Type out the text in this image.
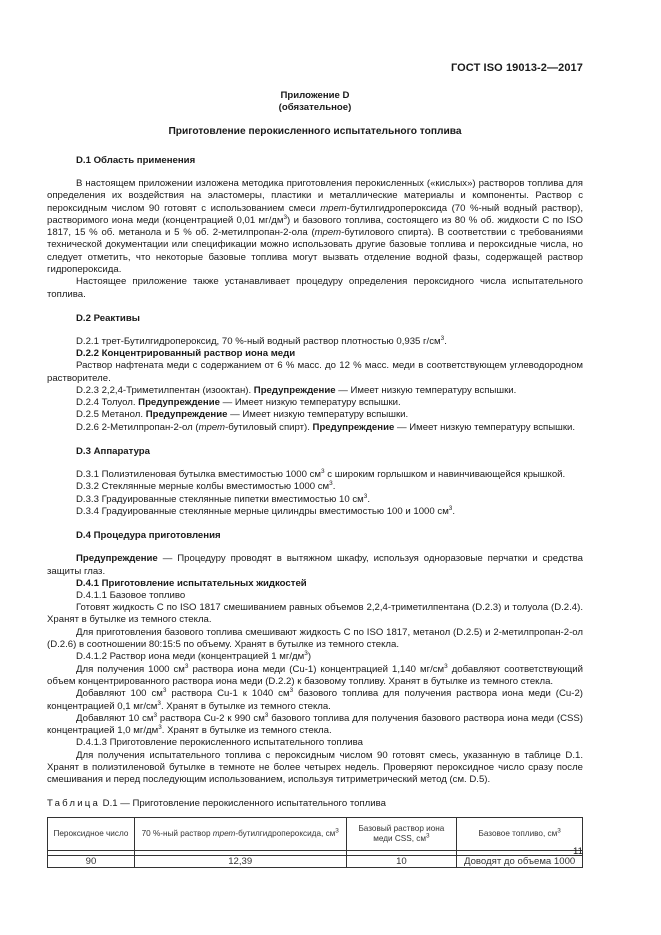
ГОСТ ISO 19013-2—2017
Приложение D
(обязательное)
Приготовление перокисленного испытательного топлива
D.1 Область применения

В настоящем приложении изложена методика приготовления перокисленных («кислых») растворов топлива для определения их воздействия на эластомеры, пластики и металлические материалы и компоненты. Раствор с пероксидным числом 90 готовят с использованием смеси трет-бутилгидропероксида (70 %-ный водный раствор), растворимого иона меди (концентрацией 0,01 $мг/дм^3$) и базового топлива, состоящего из 80 % об. жидкости С по ISO 1817, 15 % об. метанола и 5 % об. 2-метилпропан-2-ола (трет-бутилового спирта). В соответствии с требованиями технической документации или спецификации можно использовать другие базовые топлива и пероксидные числа, но следует отметить, что некоторые базовые топлива могут вызвать отделение водной фазы, содержащей раствор гидропероксида.

Настоящее приложение также устанавливает процедуру определения пероксидного числа испытательного топлива.

D.2 Реактивы

D.2.1 трет-Бутилгидропероксид, 70 %-ный водный раствор плотностью 0,935 $г/см^3$.

D.2.2 Концентрированный раствор иона меди

Раствор нафтената меди с содержанием от 6 % масс. до 12 % масс. меди в соответствующем углеводородном растворителе.

D.2.3 2,2,4-Триметилпентан (изооктан). Предупреждение — Имеет низкую температуру вспышки.

D.2.4 Толуол. Предупреждение — Имеет низкую температуру вспышки.

D.2.5 Метанол. Предупреждение — Имеет низкую температуру вспышки.

D.2.6 2-Метилпропан-2-ол (трет-бутиловый спирт). Предупреждение — Имеет низкую температуру вспышки.

D.3 Аппаратура

D.3.1 Полиэтиленовая бутылка вместимостью 1000 $см^3$ с широким горлышком и навинчивающейся крышкой.

D.3.2 Стеклянные мерные колбы вместимостью 1000 $см^3$.

D.3.3 Градуированные стеклянные пипетки вместимостью 10 $см^3$.

D.3.4 Градуированные стеклянные мерные цилиндры вместимостью 100 и 1000 $см^3$.

D.4 Процедура приготовления

Предупреждение — Процедуру проводят в вытяжном шкафу, используя одноразовые перчатки и средства защиты глаз.

D.4.1 Приготовление испытательных жидкостей

D.4.1.1 Базовое топливо

Готовят жидкость С по ISO 1817 смешиванием равных объемов 2,2,4-триметилпентана (D.2.3) и толуола (D.2.4). Хранят в бутылке из темного стекла.

Для приготовления базового топлива смешивают жидкость С по ISO 1817, метанол (D.2.5) и 2-метилпропан-2-ол (D.2.6) в соотношении 80:15:5 по объему. Хранят в бутылке из темного стекла.

D.4.1.2 Раствор иона меди (концентрацией 1 $мг/дм^3$)

Для получения 1000 $см^3$ раствора иона меди (Cu-1) концентрацией 1,140 $мг/см^3$ добавляют соответствующий объем концентрированного раствора иона меди (D.2.2) к базовому топливу. Хранят в бутылке из темного стекла.

Добавляют 100 $см^3$ раствора Cu-1 к 1040 $см^3$ базового топлива для получения раствора иона меди (Cu-2) концентрацией 0,1 $мг/см^3$. Хранят в бутылке из темного стекла.

Добавляют 10 $см^3$ раствора Cu-2 к 990 $см^3$ базового топлива для получения базового раствора иона меди (CSS) концентрацией 1,0 $мг/дм^3$. Хранят в бутылке из темного стекла.

D.4.1.3 Приготовление перокисленного испытательного топлива

Для получения испытательного топлива с пероксидным числом 90 готовят смесь, указанную в таблице D.1. Хранят в полиэтиленовой бутылке в темноте не более четырех недель. Проверяют пероксидное число сразу после смешивания и перед последующим использованием, используя титриметрический метод (см. D.5).

Таблица D.1 — Приготовление перокисленного испытательного топлива

Пероксидное число	70 %-ный раствор трет-бутилгидропероксида, $см^3$	Базовый раствор иона меди CSS, $см^3$	Базовое топливо, $см^3$

90	12,39	10	Доводят до объема 1000
11
